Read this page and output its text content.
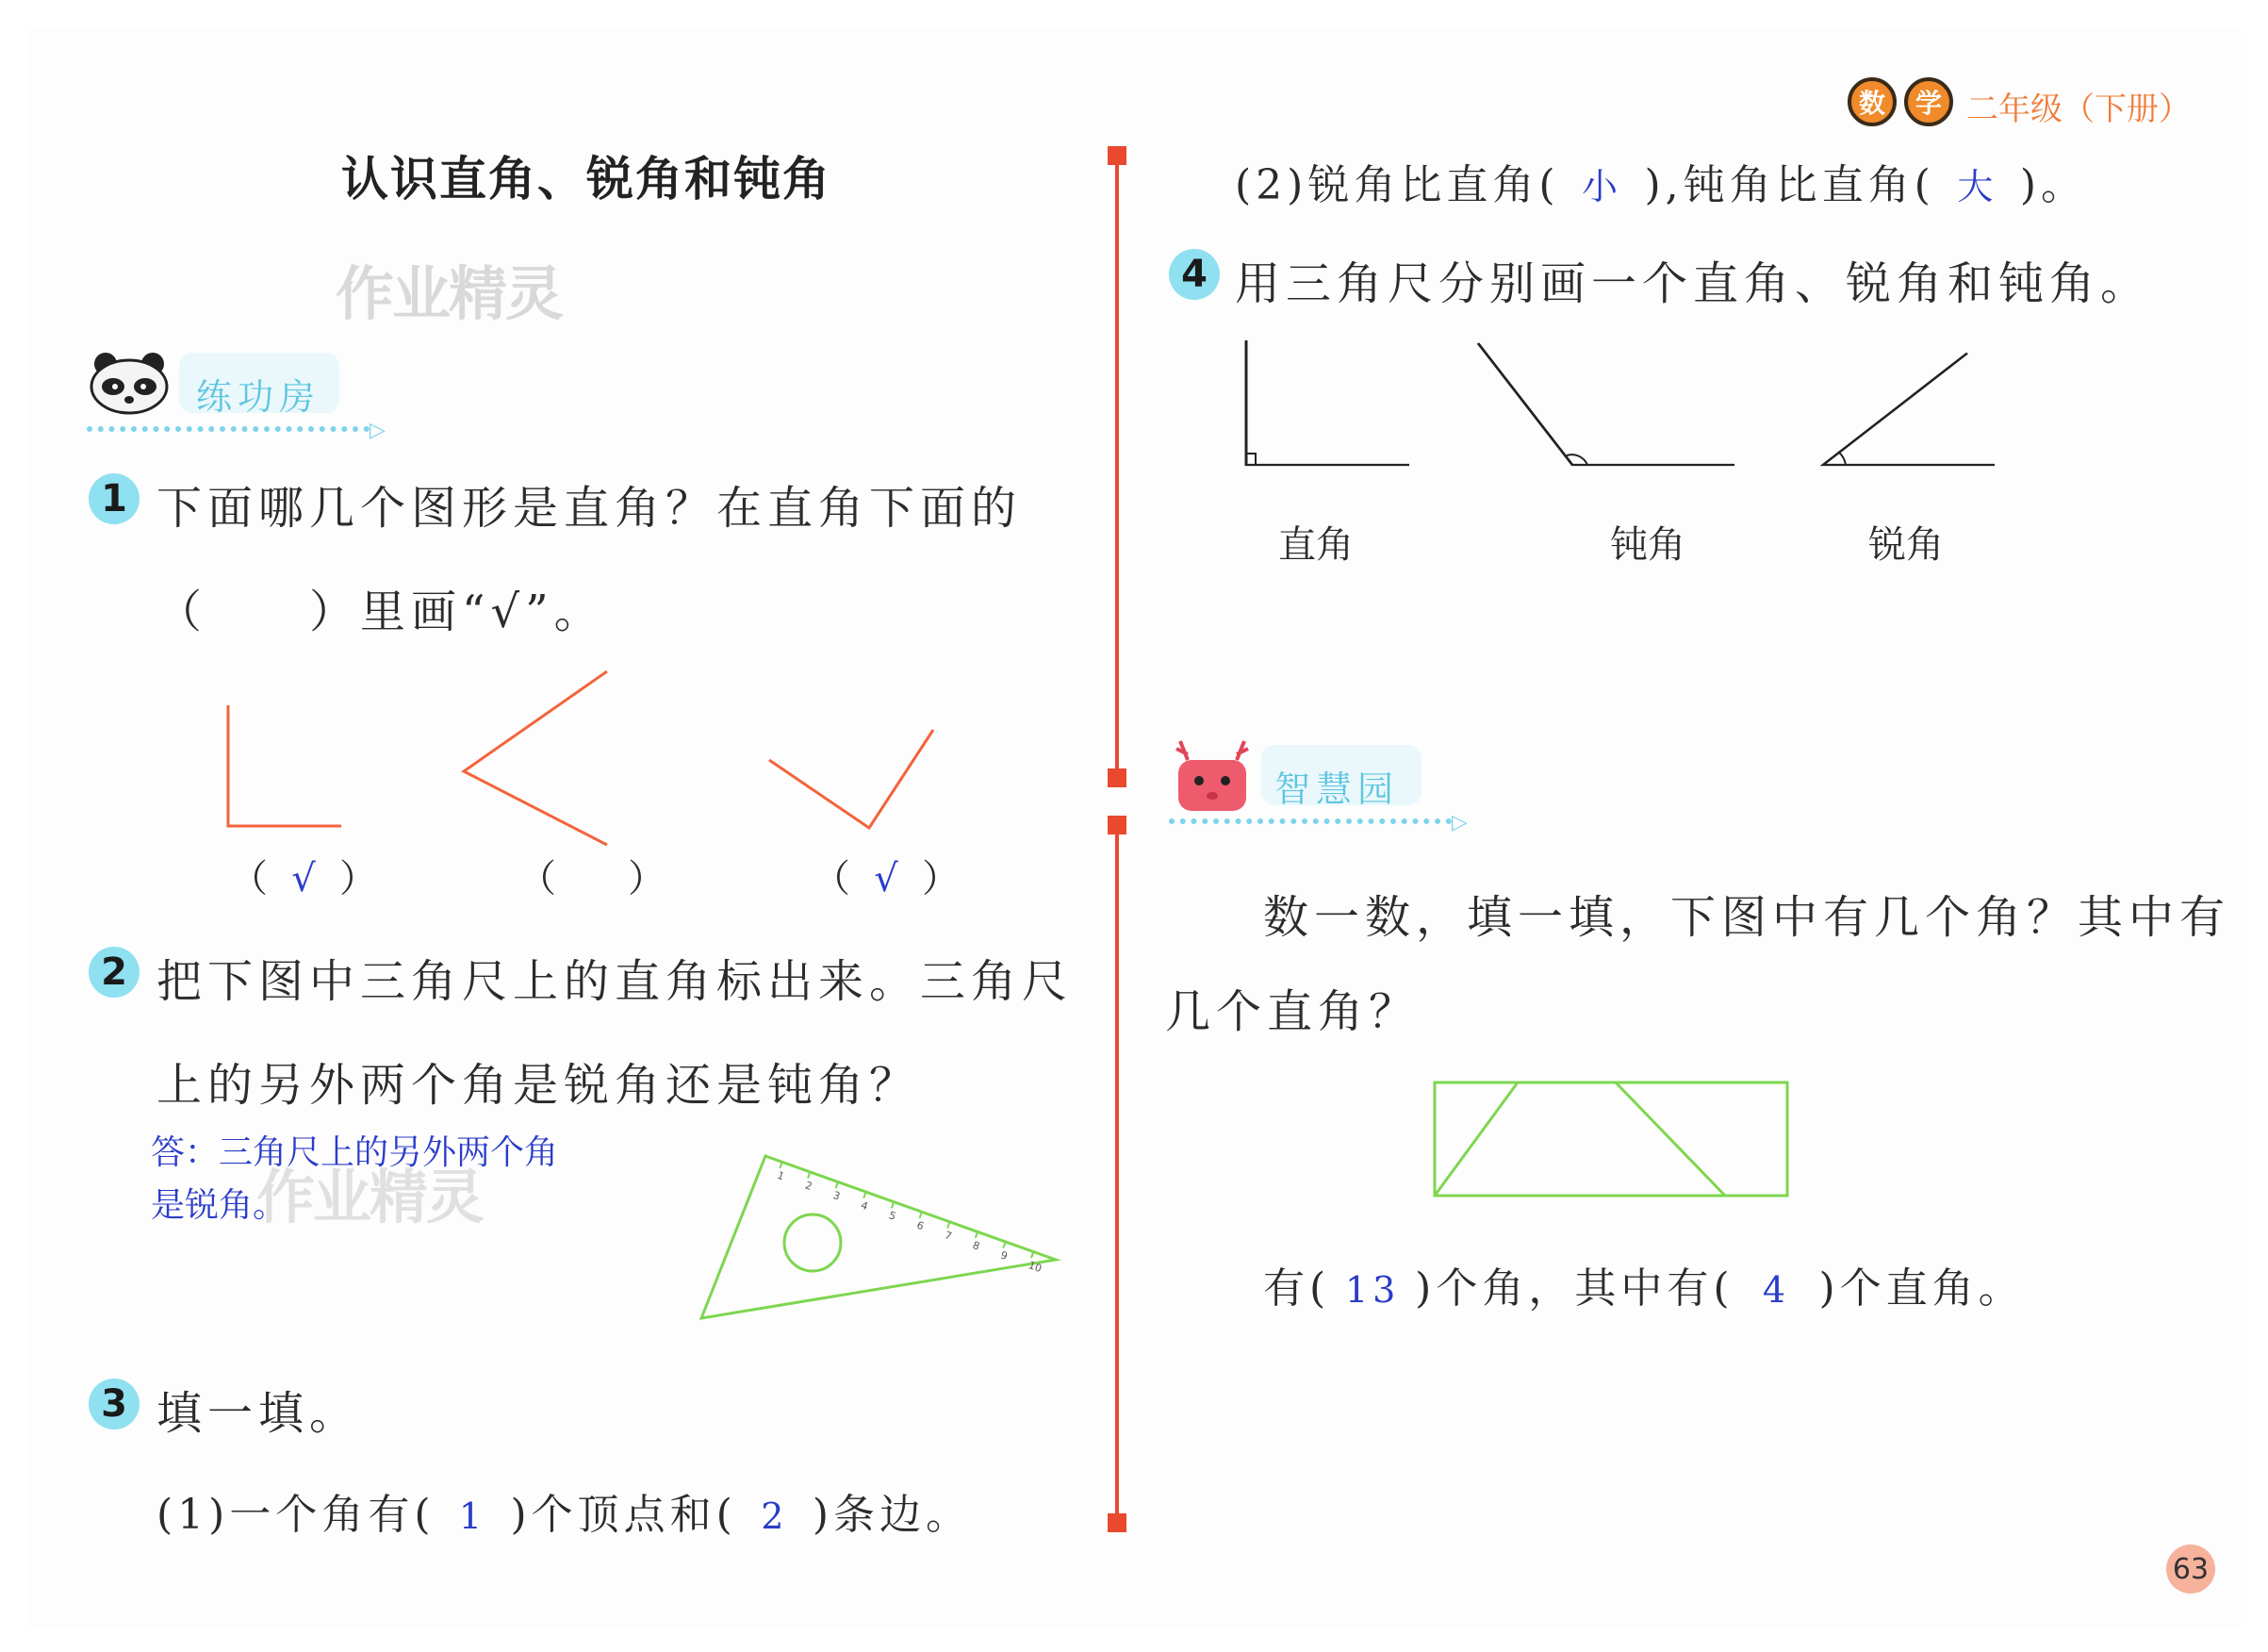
数 学 二年级（下册）
认识直角、锐角和钝角
作业精灵
练功房
▷
1 下面哪几个图形是直角？在直角下面的
（　　）里画“√”。
（ √ ）	（ ）	（ √ ）
2 把下图中三角尺上的直角标出来。三角尺
上的另外两个角是锐角还是钝角？
答：三角尺上的另外两个角
是锐角。
作业精灵	1
2
3
4
5
6
7
8
9
10
3 填一填。
(1)一个角有( 1 )个顶点和( 2 )条边。
(2)锐角比直角( 小 ),钝角比直角( 大 )。
4 用三角尺分别画一个直角、锐角和钝角。
直角	钝角	锐角
智慧园
▷
数一数，填一填，下图中有几个角？其中有
几个直角？
有( 13 )个角，其中有( 4 )个直角。
63
